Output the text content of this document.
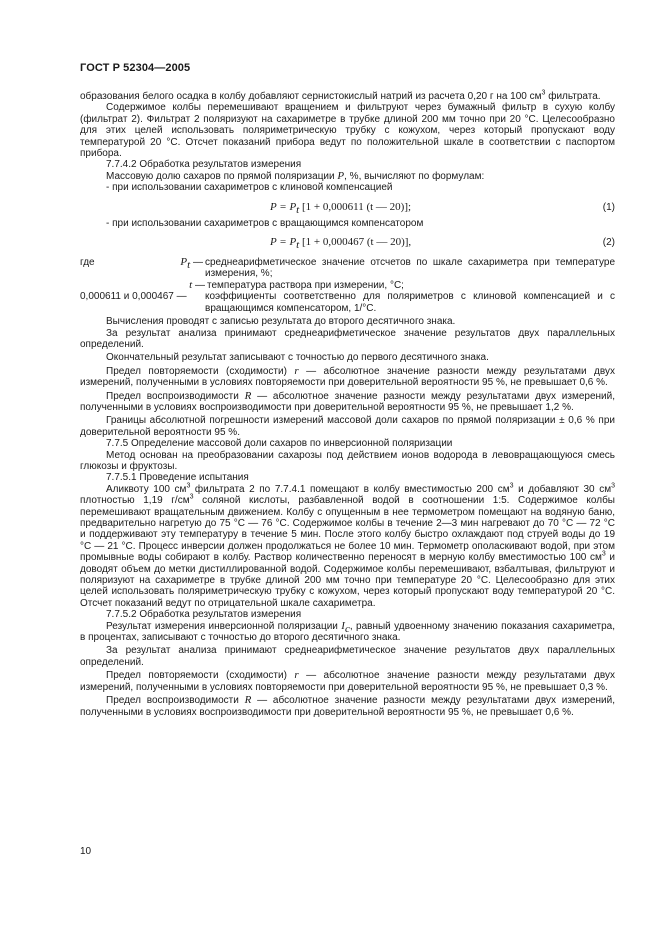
ГОСТ Р 52304—2005

образования белого осадка в колбу добавляют сернистокислый натрий из расчета 0,20 г на 100 $см^3$ фильтрата.

Содержимое колбы перемешивают вращением и фильтруют через бумажный фильтр в сухую колбу (фильтрат 2). Фильтрат 2 поляризуют на сахариметре в трубке длиной 200 мм точно при 20 °С. Целесообразно для этих целей использовать поляриметрическую трубку с кожухом, через который пропускают воду температурой 20 °С. Отсчет показаний прибора ведут по положительной шкале в соответствии с паспортом прибора.

7.7.4.2 Обработка результатов измерения

Массовую долю сахаров по прямой поляризации P, %, вычисляют по формулам:

- при использовании сахариметров с клиновой компенсацией

$P = P_t$ [1 + 0,000611 (t — 20)];	(1)

- при использовании сахариметров с вращающимся компенсатором

$P = P_t$ [1 + 0,000467 (t — 20)],	(2)
где	$P_t$ — среднеарифметическое значение отсчетов по шкале сахариметра при температуре измерения, %;
t — температура раствора при измерении, °С;
0,000611 и 0,000467 —	коэффициенты соответственно для поляриметров с клиновой компенсацией и с вращающимся компенсатором, 1/°С.

Вычисления проводят с записью результата до второго десятичного знака.

За результат анализа принимают среднеарифметическое значение результатов двух параллельных определений.

Окончательный результат записывают с точностью до первого десятичного знака.

Предел повторяемости (сходимости) r — абсолютное значение разности между результатами двух измерений, полученными в условиях повторяемости при доверительной вероятности 95 %, не превышает 0,6 %.

Предел воспроизводимости R — абсолютное значение разности между результатами двух измерений, полученными в условиях воспроизводимости при доверительной вероятности 95 %, не превышает 1,2 %.

Границы абсолютной погрешности измерений массовой доли сахаров по прямой поляризации ± 0,6 % при доверительной вероятности 95 %.

7.7.5 Определение массовой доли сахаров по инверсионной поляризации

Метод основан на преобразовании сахарозы под действием ионов водорода в левовращающуюся смесь глюкозы и фруктозы.

7.7.5.1 Проведение испытания

Аликвоту 100 $см^3$ фильтрата 2 по 7.7.4.1 помещают в колбу вместимостью 200 $см^3$ и добавляют 30 $см^3$ плотностью 1,19 $г/см^3$ соляной кислоты, разбавленной водой в соотношении 1:5. Содержимое колбы перемешивают вращательным движением. Колбу с опущенным в нее термометром помещают на водяную баню, предварительно нагретую до 75 °С — 76 °С. Содержимое колбы в течение 2—3 мин нагревают до 70 °С — 72 °С и поддерживают эту температуру в течение 5 мин. После этого колбу быстро охлаждают под струей воды до 19 °С — 21 °С. Процесс инверсии должен продолжаться не более 10 мин. Термометр ополаскивают водой, при этом промывные воды собирают в колбу. Раствор количественно переносят в мерную колбу вместимостью 100 $см^3$ и доводят объем до метки дистиллированной водой. Содержимое колбы перемешивают, взбалтывая, фильтруют и поляризуют на сахариметре в трубке длиной 200 мм точно при температуре 20 °С. Целесообразно для этих целей использовать поляриметрическую трубку с кожухом, через который пропускают воду температурой 20 °С. Отсчет показаний ведут по отрицательной шкале сахариметра.

7.7.5.2 Обработка результатов измерения

Результат измерения инверсионной поляризации $I_c$, равный удвоенному значению показания сахариметра, в процентах, записывают с точностью до второго десятичного знака.

За результат анализа принимают среднеарифметическое значение результатов двух параллельных определений.

Предел повторяемости (сходимости) r — абсолютное значение разности между результатами двух измерений, полученными в условиях повторяемости при доверительной вероятности 95 %, не превышает 0,3 %.

Предел воспроизводимости R — абсолютное значение разности между результатами двух измерений, полученными в условиях воспроизводимости при доверительной вероятности 95 %, не превышает 0,6 %.

10
